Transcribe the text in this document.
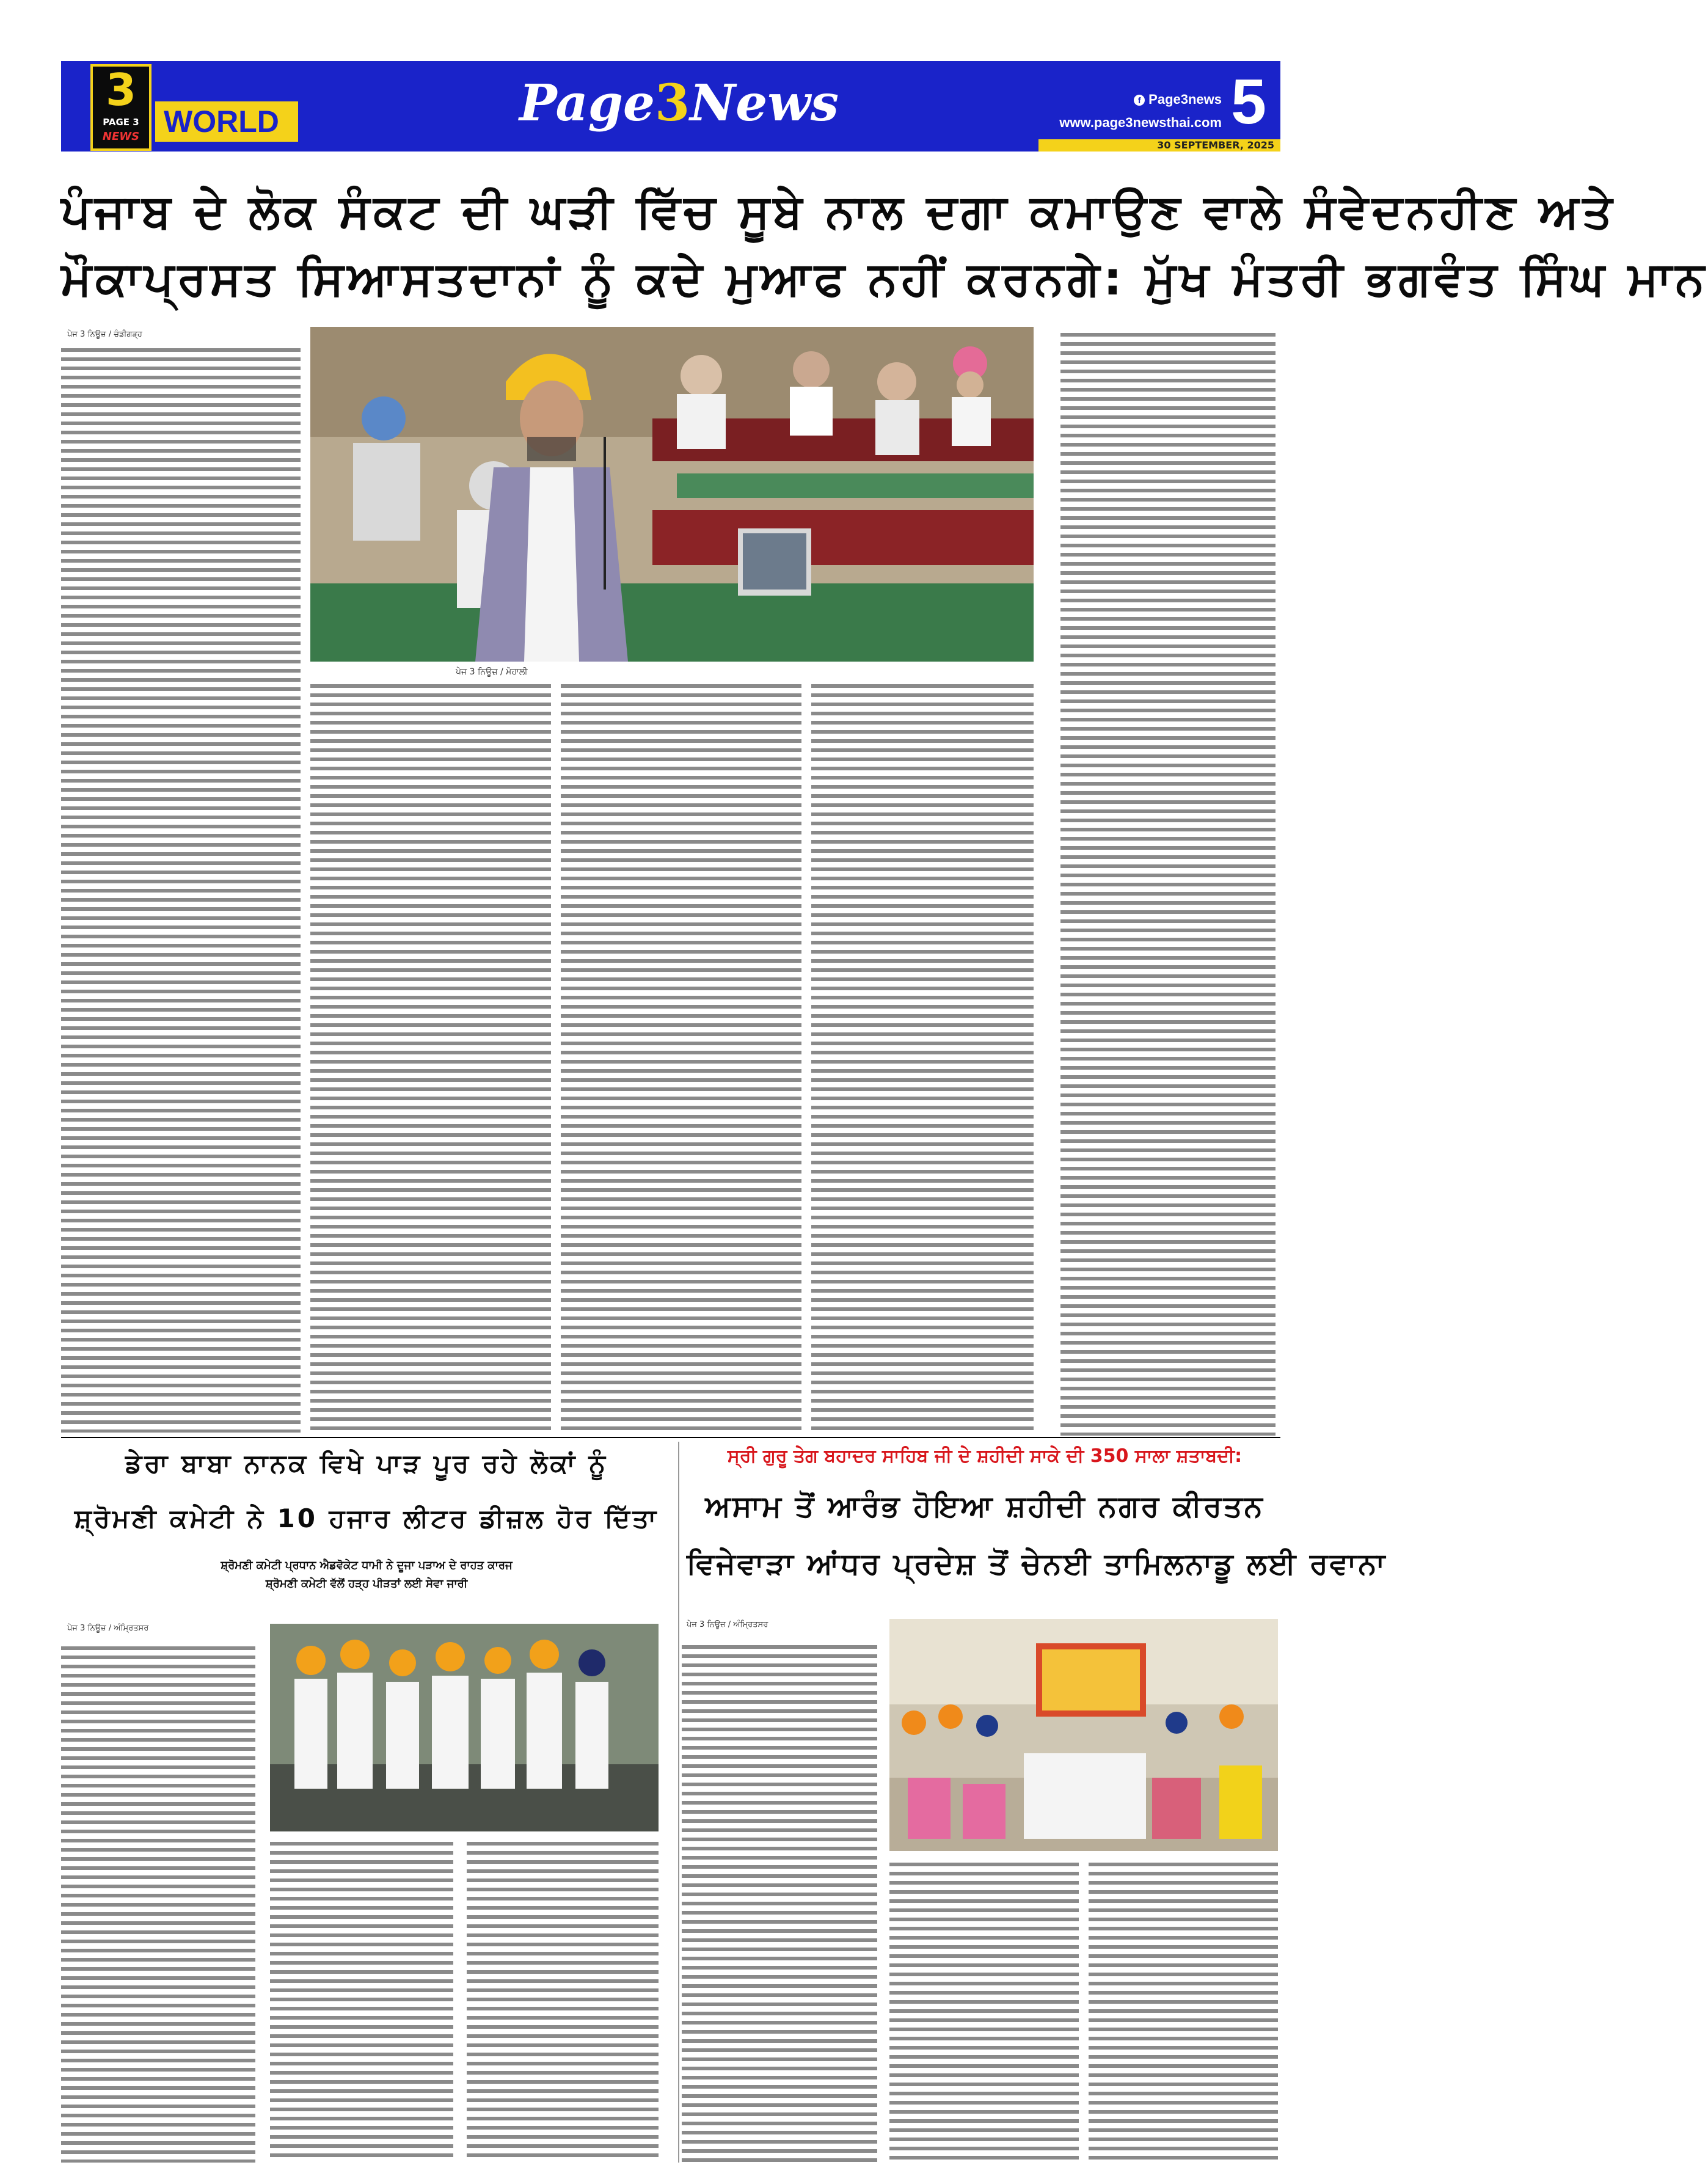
3
PAGE 3
NEWS WORLD	Page3News	f Page3news
www.page3newsthai.com 5
30 SEPTEMBER, 2025
ਪੰਜਾਬ ਦੇ ਲੋਕ ਸੰਕਟ ਦੀ ਘੜੀ ਵਿੱਚ ਸੂਬੇ ਨਾਲ ਦਗਾ ਕਮਾਉਣ ਵਾਲੇ ਸੰਵੇਦਨਹੀਣ ਅਤੇ
ਮੌਕਾਪ੍ਰਸਤ ਸਿਆਸਤਦਾਨਾਂ ਨੂੰ ਕਦੇ ਮੁਆਫ ਨਹੀਂ ਕਰਨਗੇ: ਮੁੱਖ ਮੰਤਰੀ ਭਗਵੰਤ ਸਿੰਘ ਮਾਨ
ਪੇਜ 3 ਨਿਊਜ਼ / ਮੋਹਾਲੀ
ਪੇਜ 3 ਨਿਊਜ਼ / ਚੰਡੀਗੜ੍ਹ
ਡੇਰਾ ਬਾਬਾ ਨਾਨਕ ਵਿਖੇ ਪਾੜ ਪੂਰ ਰਹੇ ਲੋਕਾਂ ਨੂੰ
ਸ਼੍ਰੋਮਣੀ ਕਮੇਟੀ ਨੇ 10 ਹਜਾਰ ਲੀਟਰ ਡੀਜ਼ਲ ਹੋਰ ਦਿੱਤਾ
ਸ਼੍ਰੋਮਣੀ ਕਮੇਟੀ ਪ੍ਰਧਾਨ ਐਡਵੋਕੇਟ ਧਾਮੀ ਨੇ ਦੂਜਾ ਪੜਾਅ ਦੇ ਰਾਹਤ ਕਾਰਜ
ਸ਼੍ਰੋਮਣੀ ਕਮੇਟੀ ਵੱਲੋਂ ਹੜ੍ਹ ਪੀੜਤਾਂ ਲਈ ਸੇਵਾ ਜਾਰੀ
ਪੇਜ 3 ਨਿਊਜ਼ / ਅੰਮ੍ਰਿਤਸਰ
ਸ੍ਰੀ ਗੁਰੂ ਤੇਗ ਬਹਾਦਰ ਸਾਹਿਬ ਜੀ ਦੇ ਸ਼ਹੀਦੀ ਸਾਕੇ ਦੀ 350 ਸਾਲਾ ਸ਼ਤਾਬਦੀ:
ਅਸਾਮ ਤੋਂ ਆਰੰਭ ਹੋਇਆ ਸ਼ਹੀਦੀ ਨਗਰ ਕੀਰਤਨ
ਵਿਜੇਵਾੜਾ ਆਂਧਰ ਪ੍ਰਦੇਸ਼ ਤੋਂ ਚੇਨਈ ਤਾਮਿਲਨਾਡੂ ਲਈ ਰਵਾਨਾ
ਪੇਜ 3 ਨਿਊਜ਼ / ਅੰਮ੍ਰਿਤਸਰ
